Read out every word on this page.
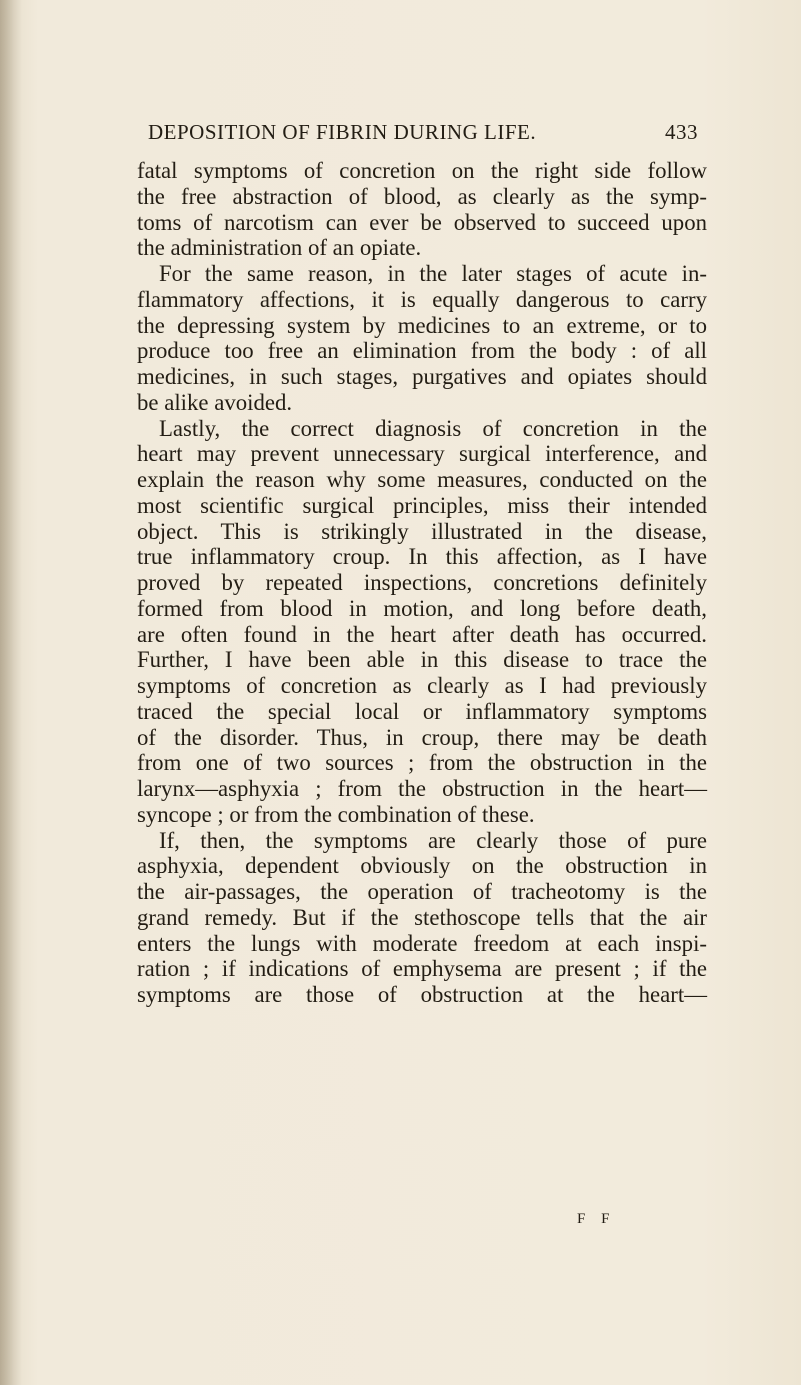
DEPOSITION OF FIBRIN DURING LIFE.	433
fatal symptoms of concretion on the right side follow
the free abstraction of blood, as clearly as the symp-
toms of narcotism can ever be observed to succeed upon
the administration of an opiate.
For the same reason, in the later stages of acute in-
flammatory affections, it is equally dangerous to carry
the depressing system by medicines to an extreme, or to
produce too free an elimination from the body : of all
medicines, in such stages, purgatives and opiates should
be alike avoided.
Lastly, the correct diagnosis of concretion in the
heart may prevent unnecessary surgical interference, and
explain the reason why some measures, conducted on the
most scientific surgical principles, miss their intended
object. This is strikingly illustrated in the disease,
true inflammatory croup. In this affection, as I have
proved by repeated inspections, concretions definitely
formed from blood in motion, and long before death,
are often found in the heart after death has occurred.
Further, I have been able in this disease to trace the
symptoms of concretion as clearly as I had previously
traced the special local or inflammatory symptoms
of the disorder. Thus, in croup, there may be death
from one of two sources ; from the obstruction in the
larynx—asphyxia ; from the obstruction in the heart—
syncope ; or from the combination of these.
If, then, the symptoms are clearly those of pure
asphyxia, dependent obviously on the obstruction in
the air-passages, the operation of tracheotomy is the
grand remedy. But if the stethoscope tells that the air
enters the lungs with moderate freedom at each inspi-
ration ; if indications of emphysema are present ; if the
symptoms are those of obstruction at the heart—
F F
